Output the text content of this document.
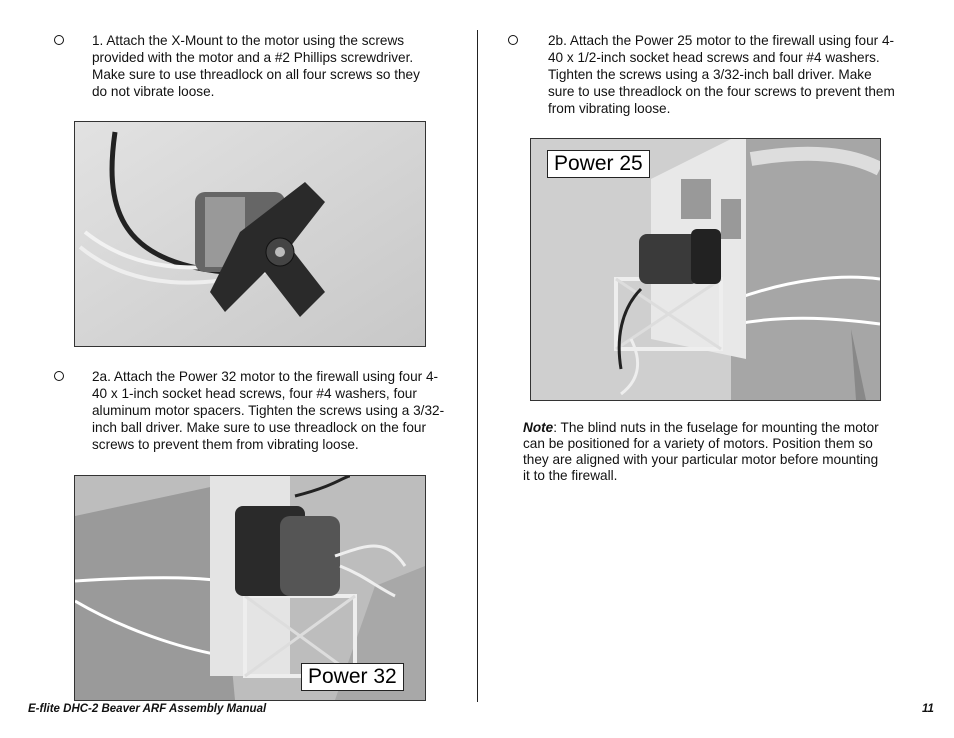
1. Attach the X-Mount to the motor using the screws provided with the motor and a #2 Phillips screwdriver. Make sure to use threadlock on all four screws so they do not vibrate loose.
2a. Attach the Power 32 motor to the firewall using four 4-40 x 1-inch socket head screws, four #4 washers, four aluminum motor spacers. Tighten the screws using a 3/32-inch ball driver. Make sure to use threadlock on the four screws to prevent them from vibrating loose.
Power 32
2b. Attach the Power 25 motor to the firewall using four 4-40 x 1/2-inch socket head screws and four #4 washers. Tighten the screws using a 3/32-inch ball driver. Make sure to use threadlock on the four screws to prevent them from vibrating loose.
Power 25
Note: The blind nuts in the fuselage for mounting the motor can be positioned for a variety of motors. Position them so they are aligned with your particular motor before mounting it to the firewall.
E-flite DHC-2 Beaver ARF Assembly Manual	11
